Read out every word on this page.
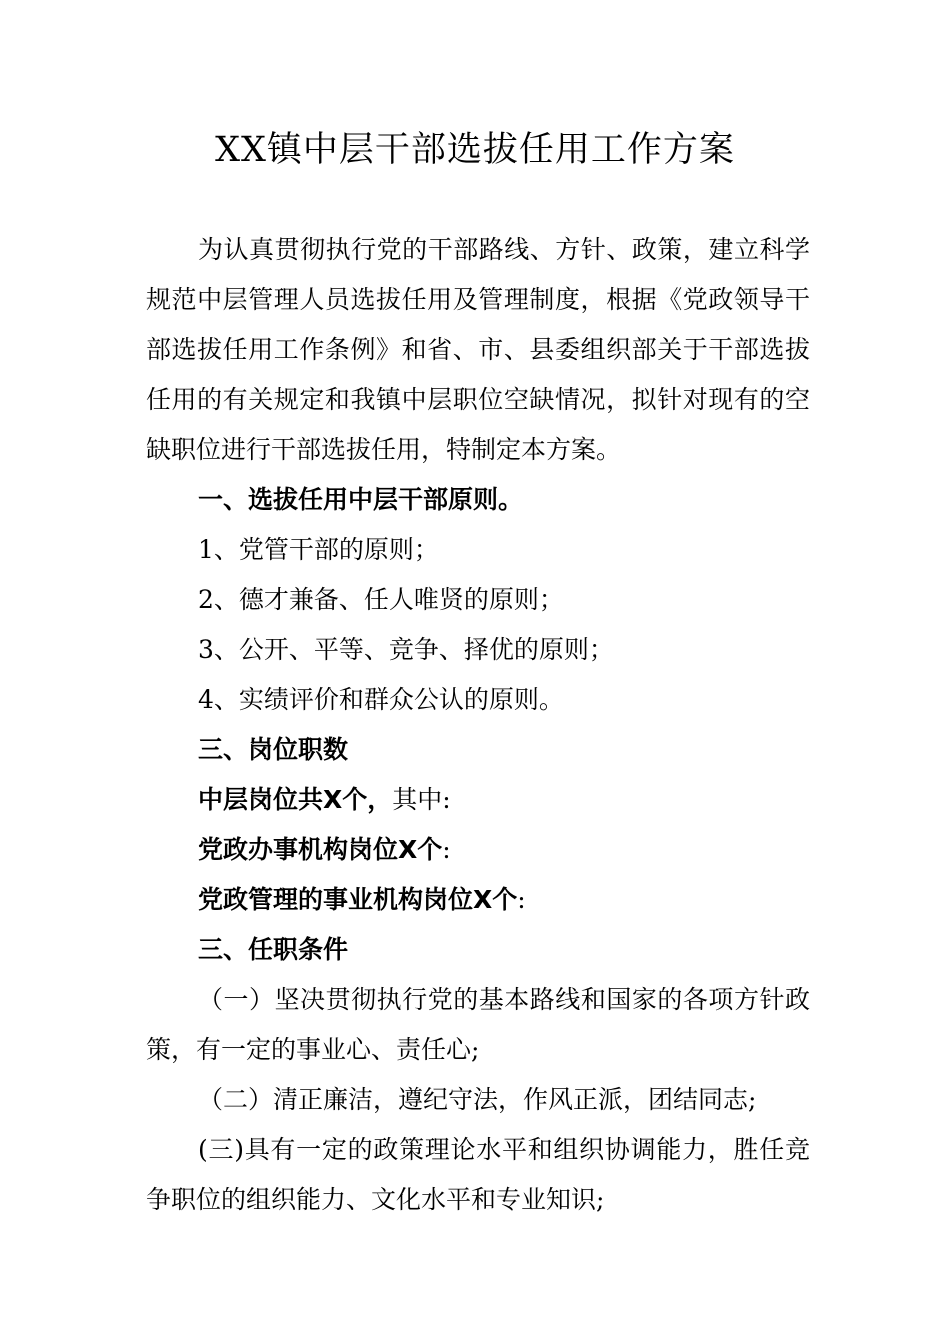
XX镇中层干部选拔任用工作方案
为认真贯彻执行党的干部路线、方针、政策，建立科学规范中层管理人员选拔任用及管理制度，根据《党政领导干部选拔任用工作条例》和省、市、县委组织部关于干部选拔任用的有关规定和我镇中层职位空缺情况，拟针对现有的空缺职位进行干部选拔任用，特制定本方案。
一、选拔任用中层干部原则。
1、党管干部的原则；
2、德才兼备、任人唯贤的原则；
3、公开、平等、竞争、择优的原则；
4、实绩评价和群众公认的原则。
三、岗位职数
中层岗位共X个，其中:
党政办事机构岗位X个:
党政管理的事业机构岗位X个:
三、任职条件
（一）坚决贯彻执行党的基本路线和国家的各项方针政策，有一定的事业心、责任心;
（二）清正廉洁，遵纪守法，作风正派，团结同志;
(三)具有一定的政策理论水平和组织协调能力，胜任竞争职位的组织能力、文化水平和专业知识;
